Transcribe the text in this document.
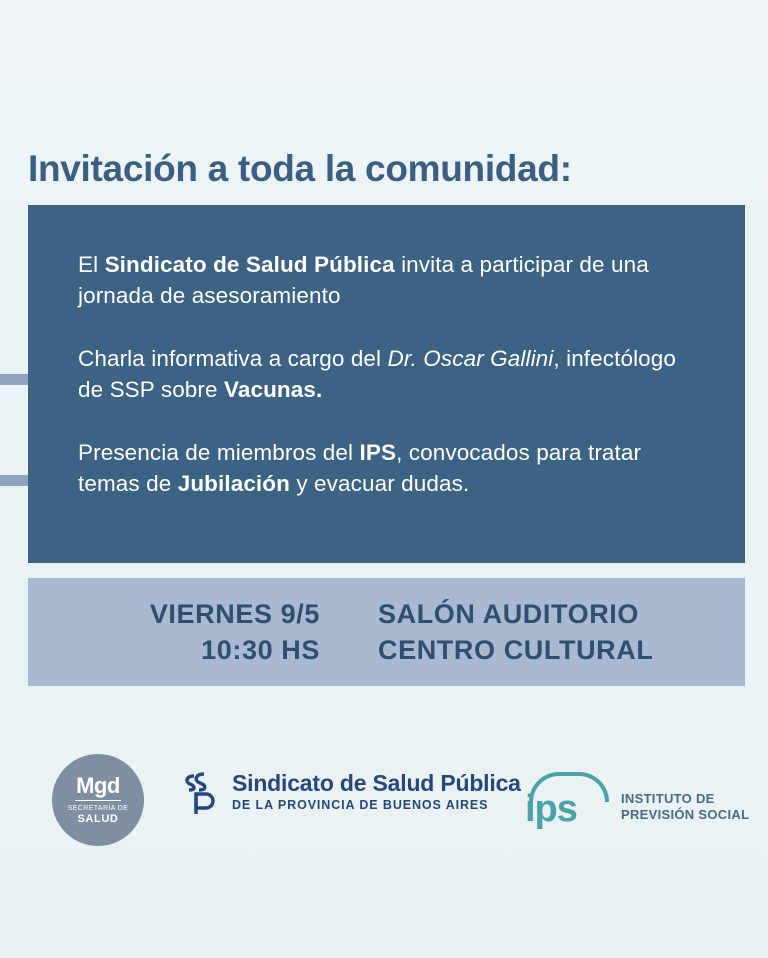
Invitación a toda la comunidad:

El Sindicato de Salud Pública invita a participar de una jornada de asesoramiento

Charla informativa a cargo del Dr. Oscar Gallini, infectólogo de SSP sobre Vacunas.

Presencia de miembros del IPS, convocados para tratar temas de Jubilación y evacuar dudas.

VIERNES 9/5
10:30 HS
SALÓN AUDITORIO
CENTRO CULTURAL
Mgd
SECRETARÍA DE
SALUD
Sindicato de Salud Pública
DE LA PROVINCIA DE BUENOS AIRES ips	INSTITUTO DE
PREVISIÓN SOCIAL
